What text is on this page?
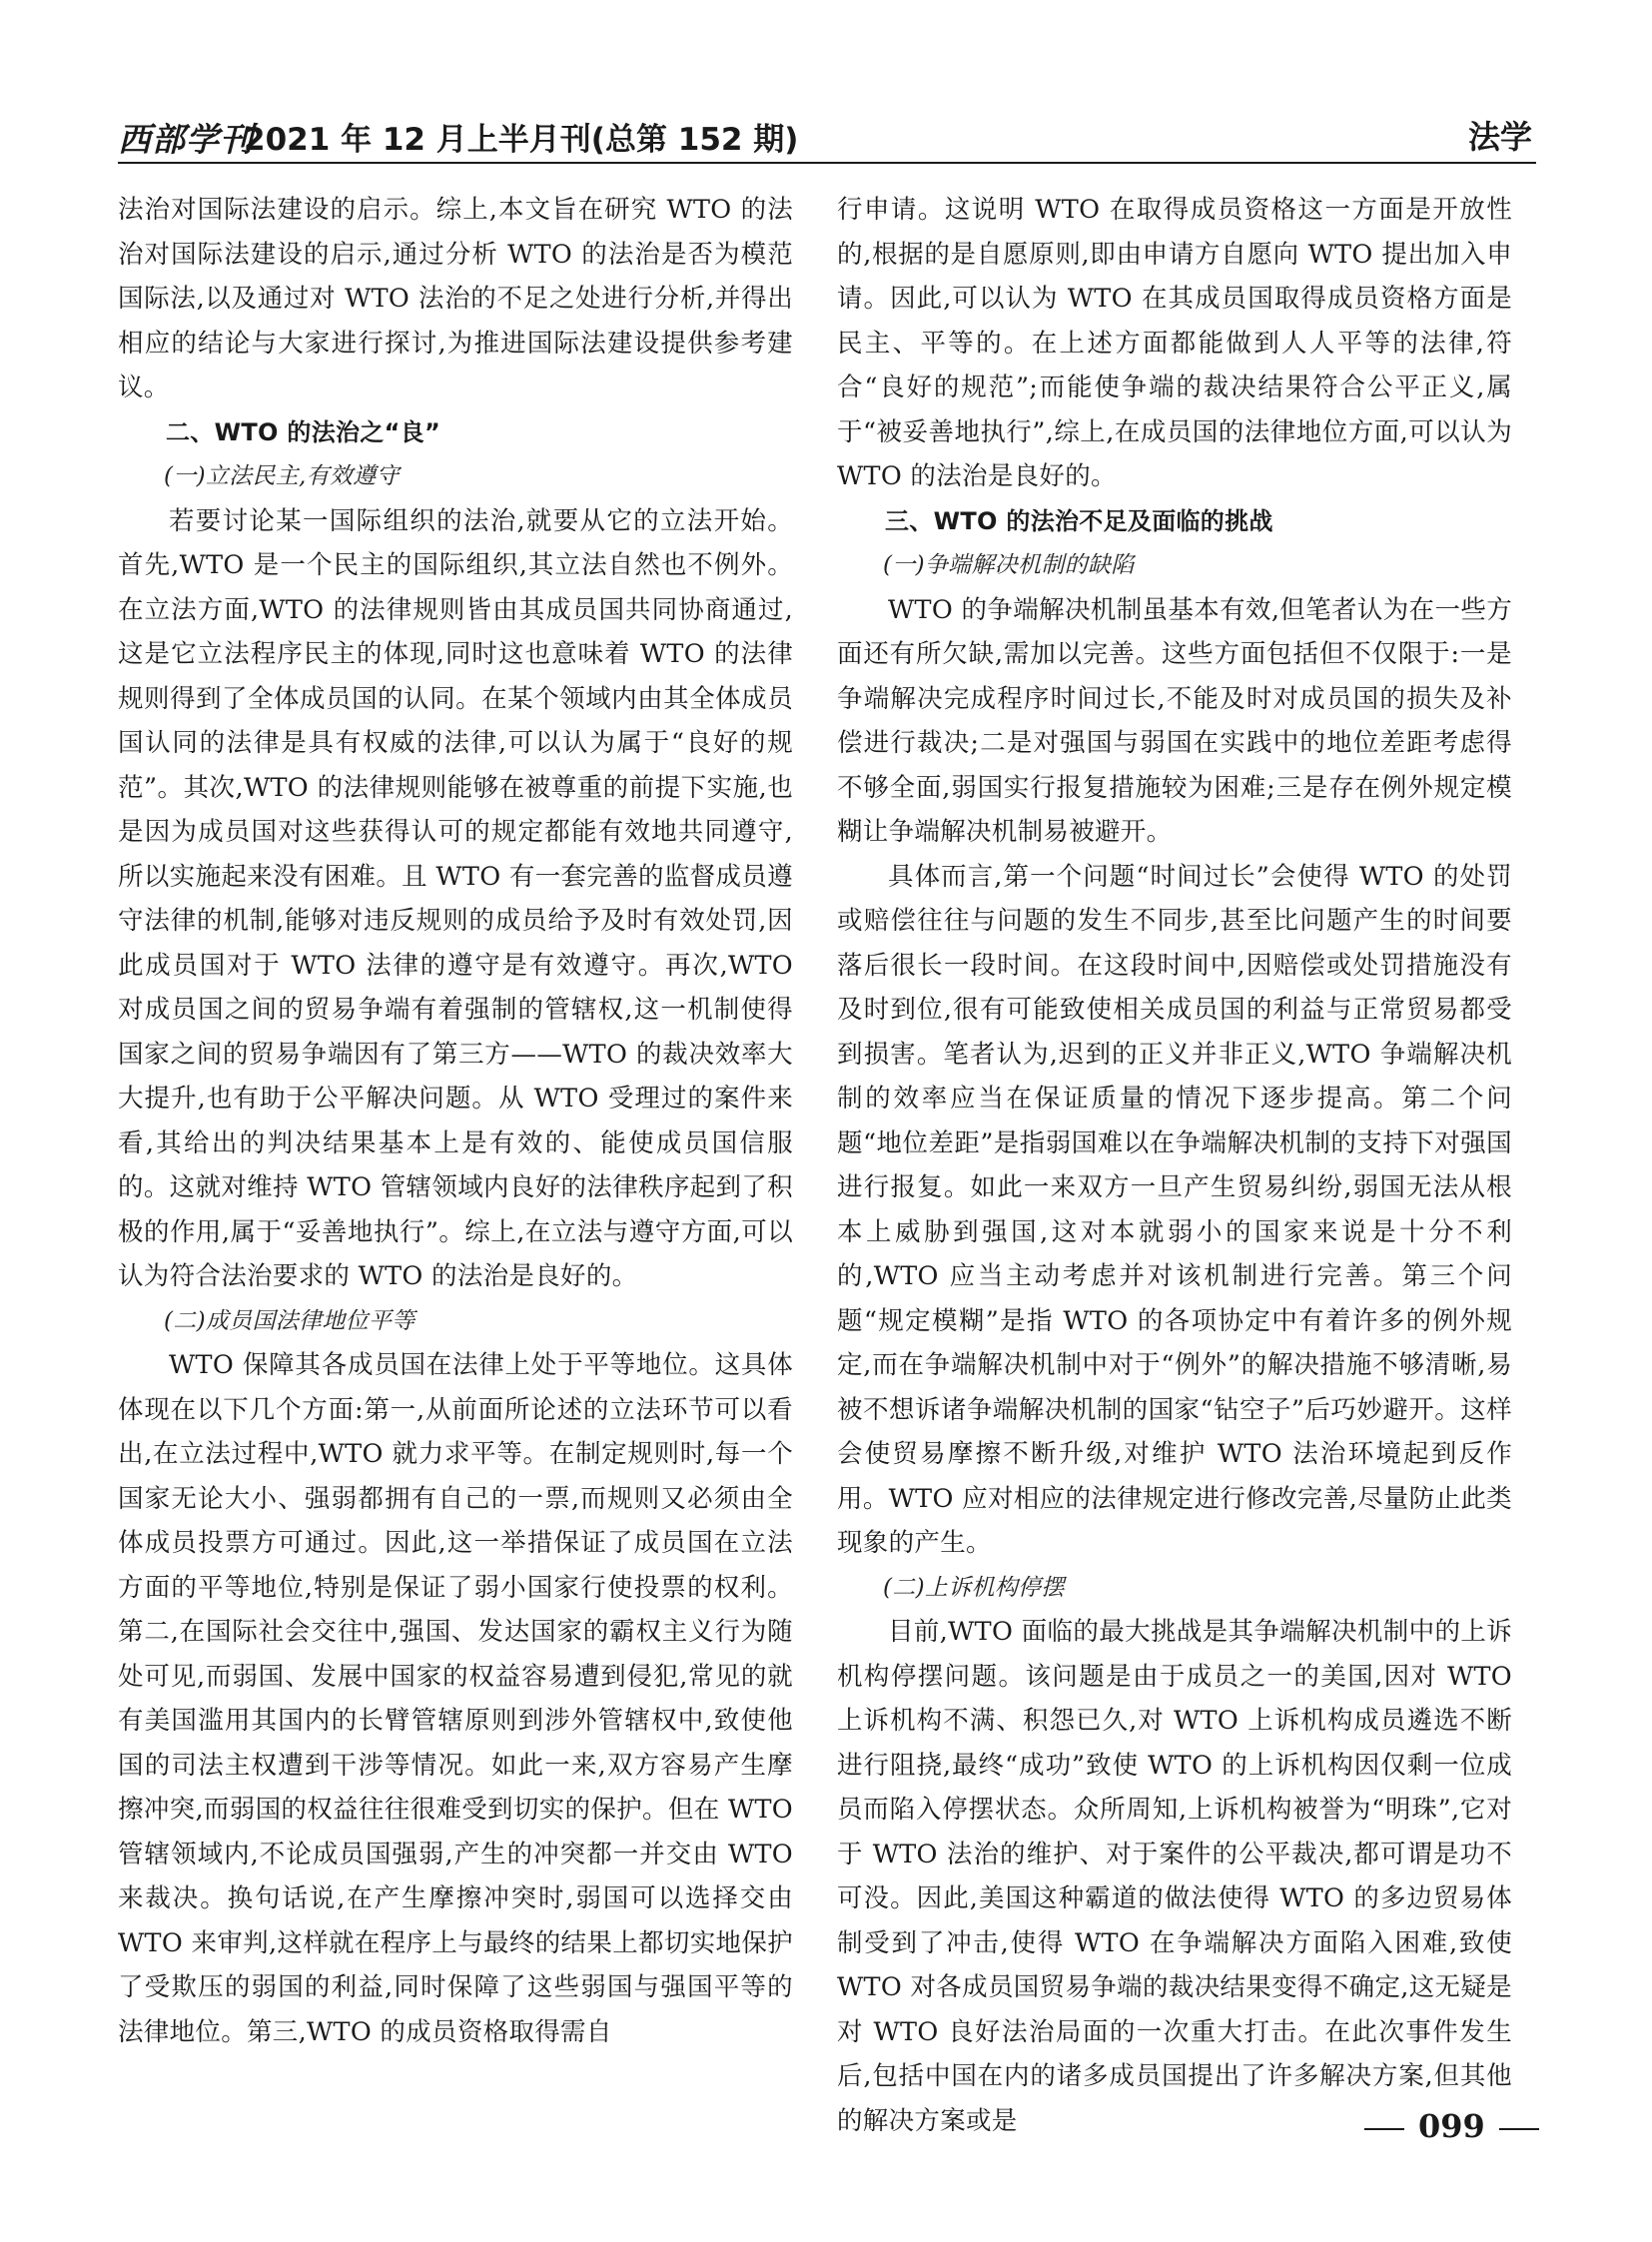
西部学刊
2021 年 12 月上半月刊(总第 152 期)	法学

法治对国际法建设的启示。综上,本文旨在研究 WTO 的法治对国际法建设的启示,通过分析 WTO 的法治是否为模范国际法,以及通过对 WTO 法治的不足之处进行分析,并得出相应的结论与大家进行探讨,为推进国际法建设提供参考建议。

二、WTO 的法治之“良”

(一)立法民主,有效遵守

若要讨论某一国际组织的法治,就要从它的立法开始。首先,WTO 是一个民主的国际组织,其立法自然也不例外。在立法方面,WTO 的法律规则皆由其成员国共同协商通过,这是它立法程序民主的体现,同时这也意味着 WTO 的法律规则得到了全体成员国的认同。在某个领域内由其全体成员国认同的法律是具有权威的法律,可以认为属于“良好的规范”。其次,WTO 的法律规则能够在被尊重的前提下实施,也是因为成员国对这些获得认可的规定都能有效地共同遵守,所以实施起来没有困难。且 WTO 有一套完善的监督成员遵守法律的机制,能够对违反规则的成员给予及时有效处罚,因此成员国对于 WTO 法律的遵守是有效遵守。再次,WTO 对成员国之间的贸易争端有着强制的管辖权,这一机制使得国家之间的贸易争端因有了第三方——WTO 的裁决效率大大提升,也有助于公平解决问题。从 WTO 受理过的案件来看,其给出的判决结果基本上是有效的、能使成员国信服的。这就对维持 WTO 管辖领域内良好的法律秩序起到了积极的作用,属于“妥善地执行”。综上,在立法与遵守方面,可以认为符合法治要求的 WTO 的法治是良好的。

(二)成员国法律地位平等

WTO 保障其各成员国在法律上处于平等地位。这具体体现在以下几个方面:第一,从前面所论述的立法环节可以看出,在立法过程中,WTO 就力求平等。在制定规则时,每一个国家无论大小、强弱都拥有自己的一票,而规则又必须由全体成员投票方可通过。因此,这一举措保证了成员国在立法方面的平等地位,特别是保证了弱小国家行使投票的权利。第二,在国际社会交往中,强国、发达国家的霸权主义行为随处可见,而弱国、发展中国家的权益容易遭到侵犯,常见的就有美国滥用其国内的长臂管辖原则到涉外管辖权中,致使他国的司法主权遭到干涉等情况。如此一来,双方容易产生摩擦冲突,而弱国的权益往往很难受到切实的保护。但在 WTO 管辖领域内,不论成员国强弱,产生的冲突都一并交由 WTO 来裁决。换句话说,在产生摩擦冲突时,弱国可以选择交由 WTO 来审判,这样就在程序上与最终的结果上都切实地保护了受欺压的弱国的利益,同时保障了这些弱国与强国平等的法律地位。第三,WTO 的成员资格取得需自

行申请。这说明 WTO 在取得成员资格这一方面是开放性的,根据的是自愿原则,即由申请方自愿向 WTO 提出加入申请。因此,可以认为 WTO 在其成员国取得成员资格方面是民主、平等的。在上述方面都能做到人人平等的法律,符合“良好的规范”;而能使争端的裁决结果符合公平正义,属于“被妥善地执行”,综上,在成员国的法律地位方面,可以认为 WTO 的法治是良好的。

三、WTO 的法治不足及面临的挑战

(一)争端解决机制的缺陷

WTO 的争端解决机制虽基本有效,但笔者认为在一些方面还有所欠缺,需加以完善。这些方面包括但不仅限于:一是争端解决完成程序时间过长,不能及时对成员国的损失及补偿进行裁决;二是对强国与弱国在实践中的地位差距考虑得不够全面,弱国实行报复措施较为困难;三是存在例外规定模糊让争端解决机制易被避开。

具体而言,第一个问题“时间过长”会使得 WTO 的处罚或赔偿往往与问题的发生不同步,甚至比问题产生的时间要落后很长一段时间。在这段时间中,因赔偿或处罚措施没有及时到位,很有可能致使相关成员国的利益与正常贸易都受到损害。笔者认为,迟到的正义并非正义,WTO 争端解决机制的效率应当在保证质量的情况下逐步提高。第二个问题“地位差距”是指弱国难以在争端解决机制的支持下对强国进行报复。如此一来双方一旦产生贸易纠纷,弱国无法从根本上威胁到强国,这对本就弱小的国家来说是十分不利的,WTO 应当主动考虑并对该机制进行完善。第三个问题“规定模糊”是指 WTO 的各项协定中有着许多的例外规定,而在争端解决机制中对于“例外”的解决措施不够清晰,易被不想诉诸争端解决机制的国家“钻空子”后巧妙避开。这样会使贸易摩擦不断升级,对维护 WTO 法治环境起到反作用。WTO 应对相应的法律规定进行修改完善,尽量防止此类现象的产生。

(二)上诉机构停摆

目前,WTO 面临的最大挑战是其争端解决机制中的上诉机构停摆问题。该问题是由于成员之一的美国,因对 WTO 上诉机构不满、积怨已久,对 WTO 上诉机构成员遴选不断进行阻挠,最终“成功”致使 WTO 的上诉机构因仅剩一位成员而陷入停摆状态。众所周知,上诉机构被誉为“明珠”,它对于 WTO 法治的维护、对于案件的公平裁决,都可谓是功不可没。因此,美国这种霸道的做法使得 WTO 的多边贸易体制受到了冲击,使得 WTO 在争端解决方面陷入困难,致使 WTO 对各成员国贸易争端的裁决结果变得不确定,这无疑是对 WTO 良好法治局面的一次重大打击。在此次事件发生后,包括中国在内的诸多成员国提出了许多解决方案,但其他的解决方案或是	099
